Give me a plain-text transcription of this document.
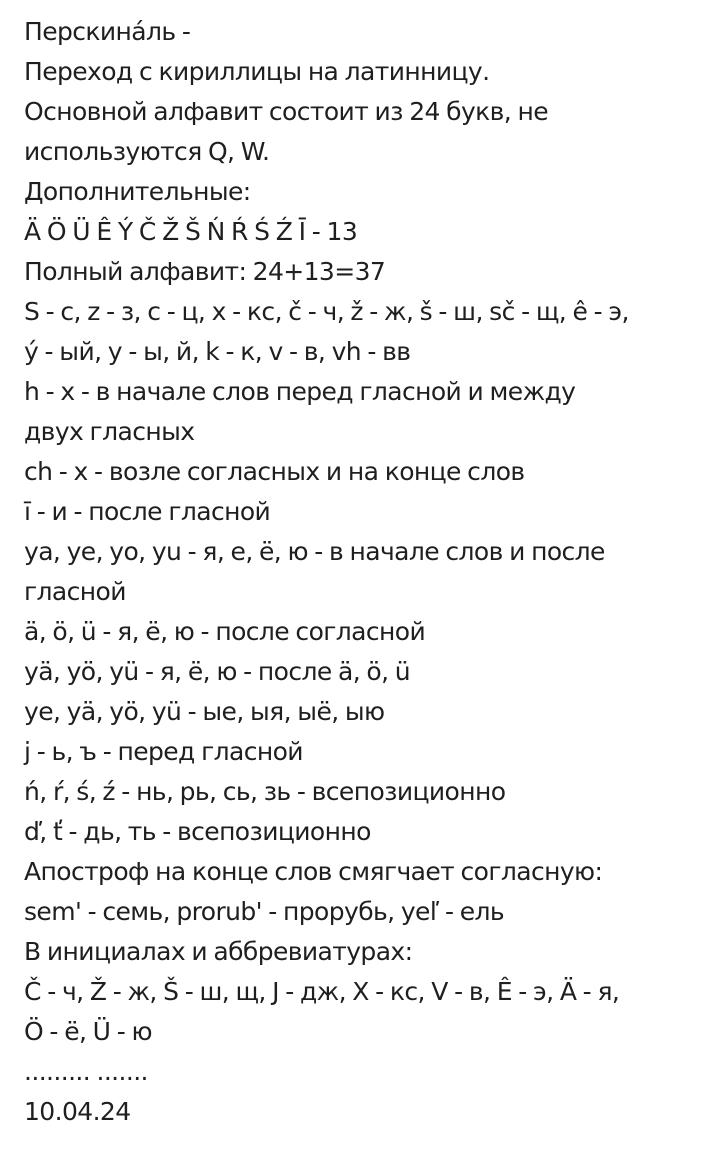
Перскина́ль -
Переход с кириллицы на латинницу.
Основной алфавит состоит из 24 букв, не
используются Q, W.
Дополнительные:
Ä Ö Ü Ê Ý Č Ž Š Ń Ŕ Ś Ź Ī - 13
Полный алфавит: 24+13=37
S - с, z - з, c - ц, x - кс, č - ч, ž - ж, š - ш, sč - щ, ê - э,
ý - ый, y - ы, й, k - к, v - в, vh - вв
h - х - в начале слов перед гласной и между
двух гласных
ch - х - возле согласных и на конце слов
ī - и - после гласной
ya, ye, yo, yu - я, е, ё, ю - в начале слов и после
гласной
ä, ö, ü - я, ё, ю - после согласной
yä, yö, yü - я, ё, ю - после ä, ö, ü
ye, yä, yö, yü - ые, ыя, ыё, ыю
j - ь, ъ - перед гласной
ń, ŕ, ś, ź - нь, рь, сь, зь - всепозиционно
ď, ť - дь, ть - всепозиционно
Апостроф на конце слов смягчает согласную:
sem' - семь, prorub' - прорубь, yeľ - ель
В инициалах и аббревиатурах:
Č - ч, Ž - ж, Š - ш, щ, J - дж, X - кс, V - в, Ê - э, Ä - я,
Ö - ё, Ü - ю
......... .......
10.04.24
